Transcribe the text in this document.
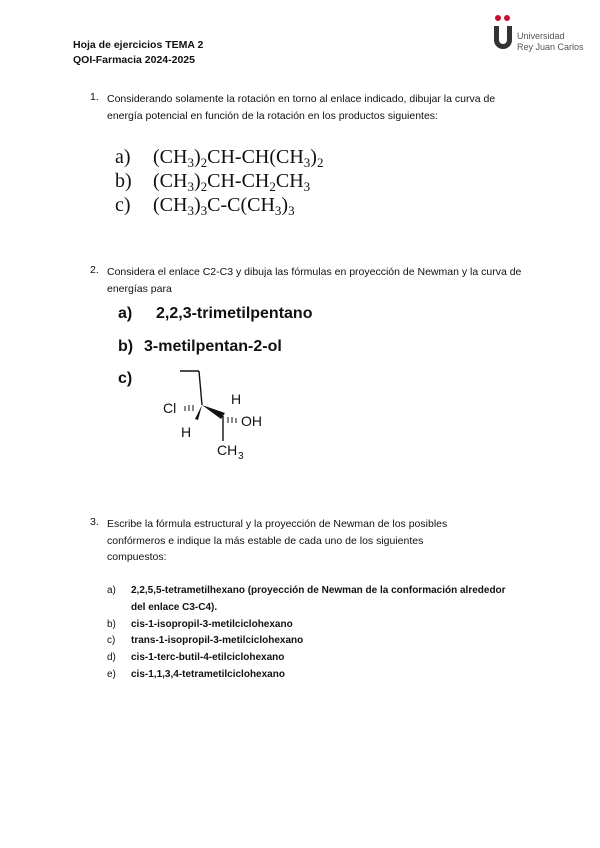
Hoja de ejercicios TEMA 2
QOI-Farmacia 2024-2025
Universidad
Rey Juan Carlos
1. Considerando solamente la rotación en torno al enlace indicado, dibujar la curva de energía potencial en función de la rotación en los productos siguientes:
a) $(CH_3)_2CH-CH(CH_3)_2$
b) $(CH_3)_2CH-CH_2CH_3$
c) $(CH_3)_3C-C(CH_3)_3$
2. Considera el enlace C2-C3 y dibuja las fórmulas en proyección de Newman y la curva de energías para
a) 2,2,3-trimetilpentano
b) 3-metilpentan-2-ol
c)
Cl
H
H
OH
CH 3
3. Escribe la fórmula estructural y la proyección de Newman de los posibles confórmeros e indique la más estable de cada uno de los siguientes compuestos:
a) 2,2,5,5-tetrametilhexano (proyección de Newman de la conformación alrededor del enlace C3-C4).
b) cis-1-isopropil-3-metilciclohexano
c) trans-1-isopropil-3-metilciclohexano
d) cis-1-terc-butil-4-etilciclohexano
e) cis-1,1,3,4-tetrametilciclohexano
